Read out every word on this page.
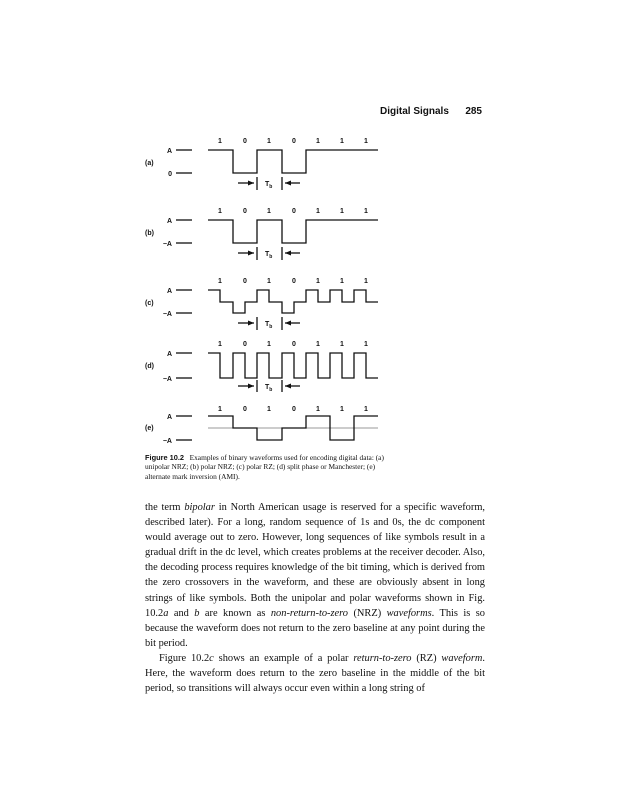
Digital Signals 285
1	0	1	0	1	1	1
1	0	1	0	1	1	1
1	0	1	0	1	1	1
1	0	1	0	1	1	1
1	0	1	0	1	1	1
A
0
A
−A
A
−A
A
−A
A
−A
(a)
(b)
(c)
(d)
(e)
$T_b$
$T_b$
$T_b$
$T_b$
Figure 10.2 Examples of binary waveforms used for encoding digital data: (a) unipolar NRZ; (b) polar NRZ; (c) polar RZ; (d) split phase or Manchester; (e) alternate mark inversion (AMI).

the term bipolar in North American usage is reserved for a specific waveform, described later). For a long, random sequence of 1s and 0s, the dc component would average out to zero. However, long sequences of like symbols result in a gradual drift in the dc level, which creates problems at the receiver decoder. Also, the decoding process requires knowledge of the bit timing, which is derived from the zero crossovers in the waveform, and these are obviously absent in long strings of like symbols. Both the unipolar and polar waveforms shown in Fig. 10.2a and b are known as non-return-to-zero (NRZ) waveforms. This is so because the waveform does not return to the zero baseline at any point during the bit period.

Figure 10.2c shows an example of a polar return-to-zero (RZ) waveform. Here, the waveform does return to the zero baseline in the middle of the bit period, so transitions will always occur even within a long string of
